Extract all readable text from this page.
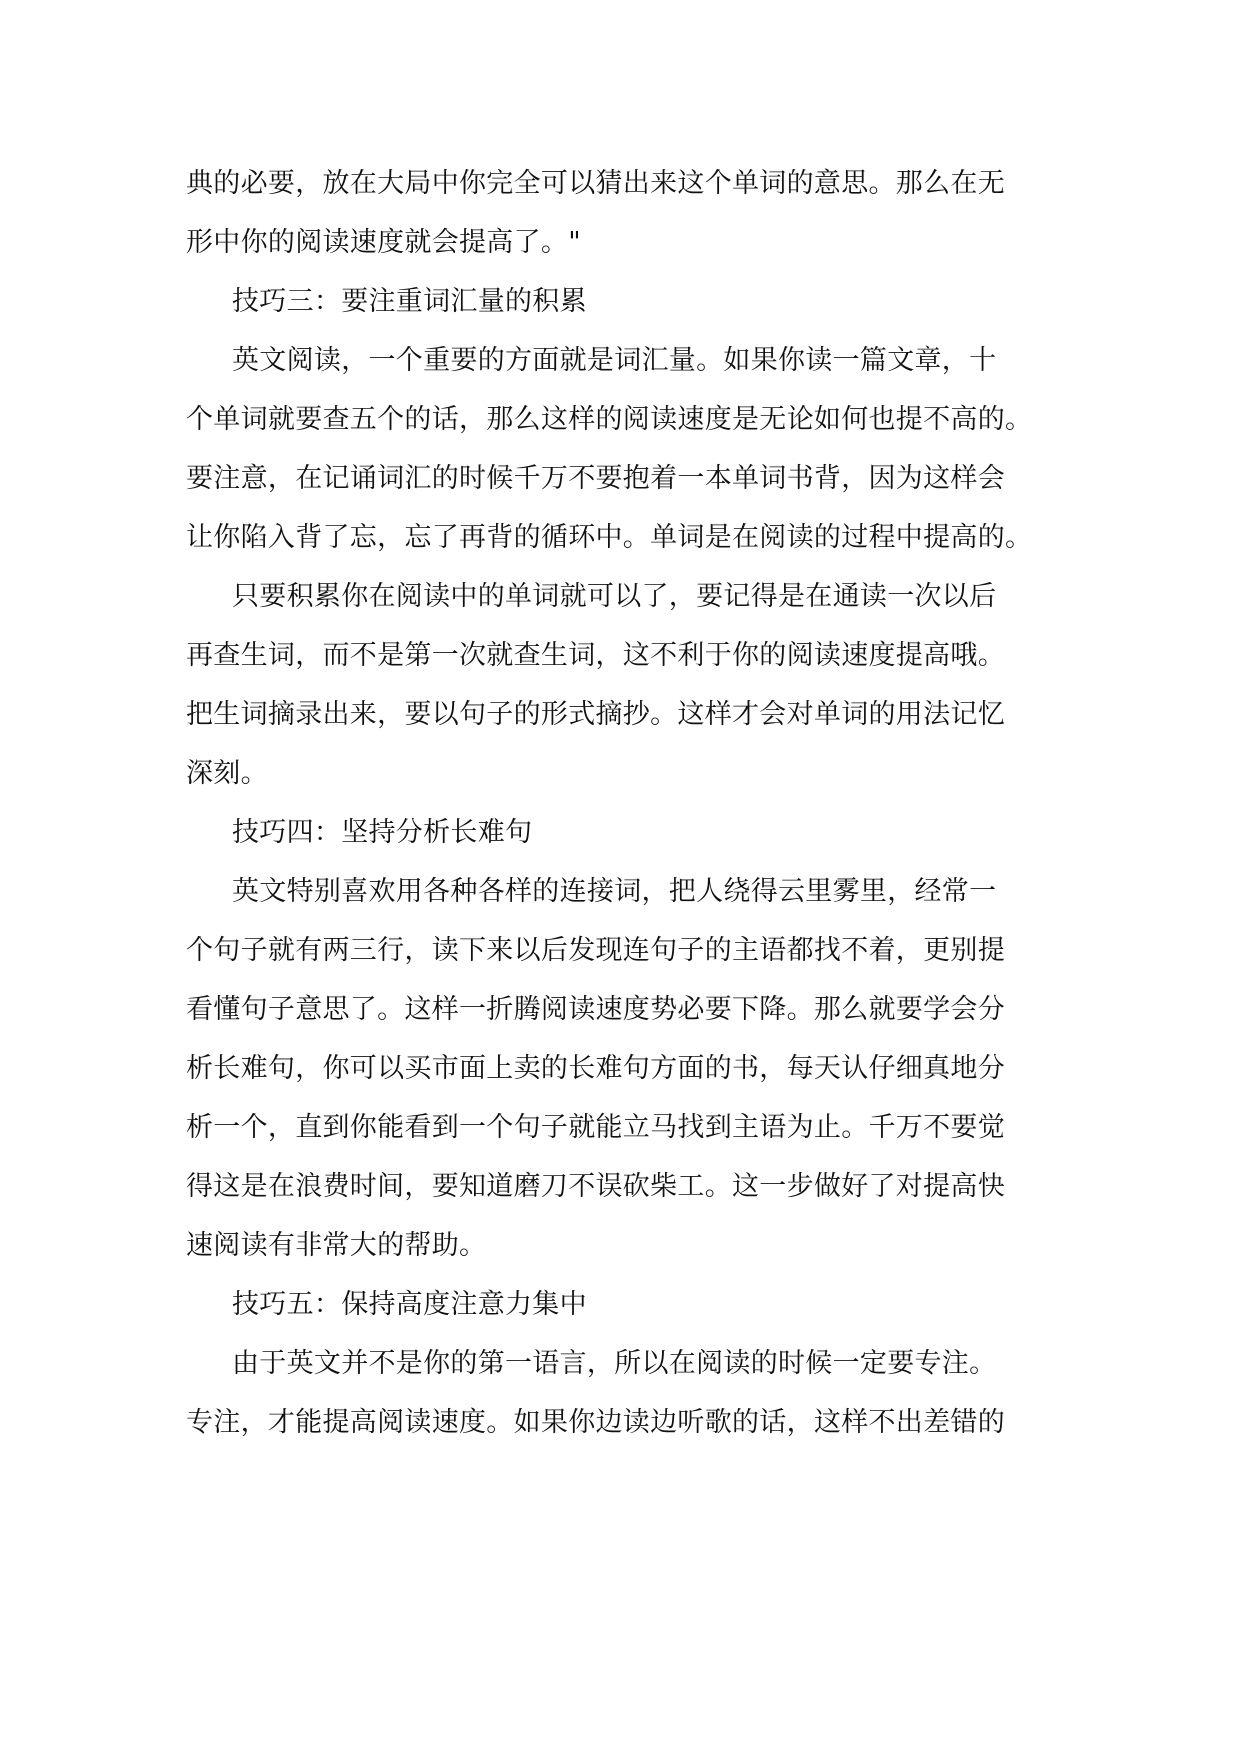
典的必要，放在大局中你完全可以猜出来这个单词的意思。那么在无
形中你的阅读速度就会提高了。"
技巧三：要注重词汇量的积累
英文阅读，一个重要的方面就是词汇量。如果你读一篇文章，十
个单词就要查五个的话，那么这样的阅读速度是无论如何也提不高的。
要注意，在记诵词汇的时候千万不要抱着一本单词书背，因为这样会
让你陷入背了忘，忘了再背的循环中。单词是在阅读的过程中提高的。
只要积累你在阅读中的单词就可以了，要记得是在通读一次以后
再查生词，而不是第一次就查生词，这不利于你的阅读速度提高哦。
把生词摘录出来，要以句子的形式摘抄。这样才会对单词的用法记忆
深刻。
技巧四：坚持分析长难句
英文特别喜欢用各种各样的连接词，把人绕得云里雾里，经常一
个句子就有两三行，读下来以后发现连句子的主语都找不着，更别提
看懂句子意思了。这样一折腾阅读速度势必要下降。那么就要学会分
析长难句，你可以买市面上卖的长难句方面的书，每天认仔细真地分
析一个，直到你能看到一个句子就能立马找到主语为止。千万不要觉
得这是在浪费时间，要知道磨刀不误砍柴工。这一步做好了对提高快
速阅读有非常大的帮助。
技巧五：保持高度注意力集中
由于英文并不是你的第一语言，所以在阅读的时候一定要专注。
专注，才能提高阅读速度。如果你边读边听歌的话，这样不出差错的
